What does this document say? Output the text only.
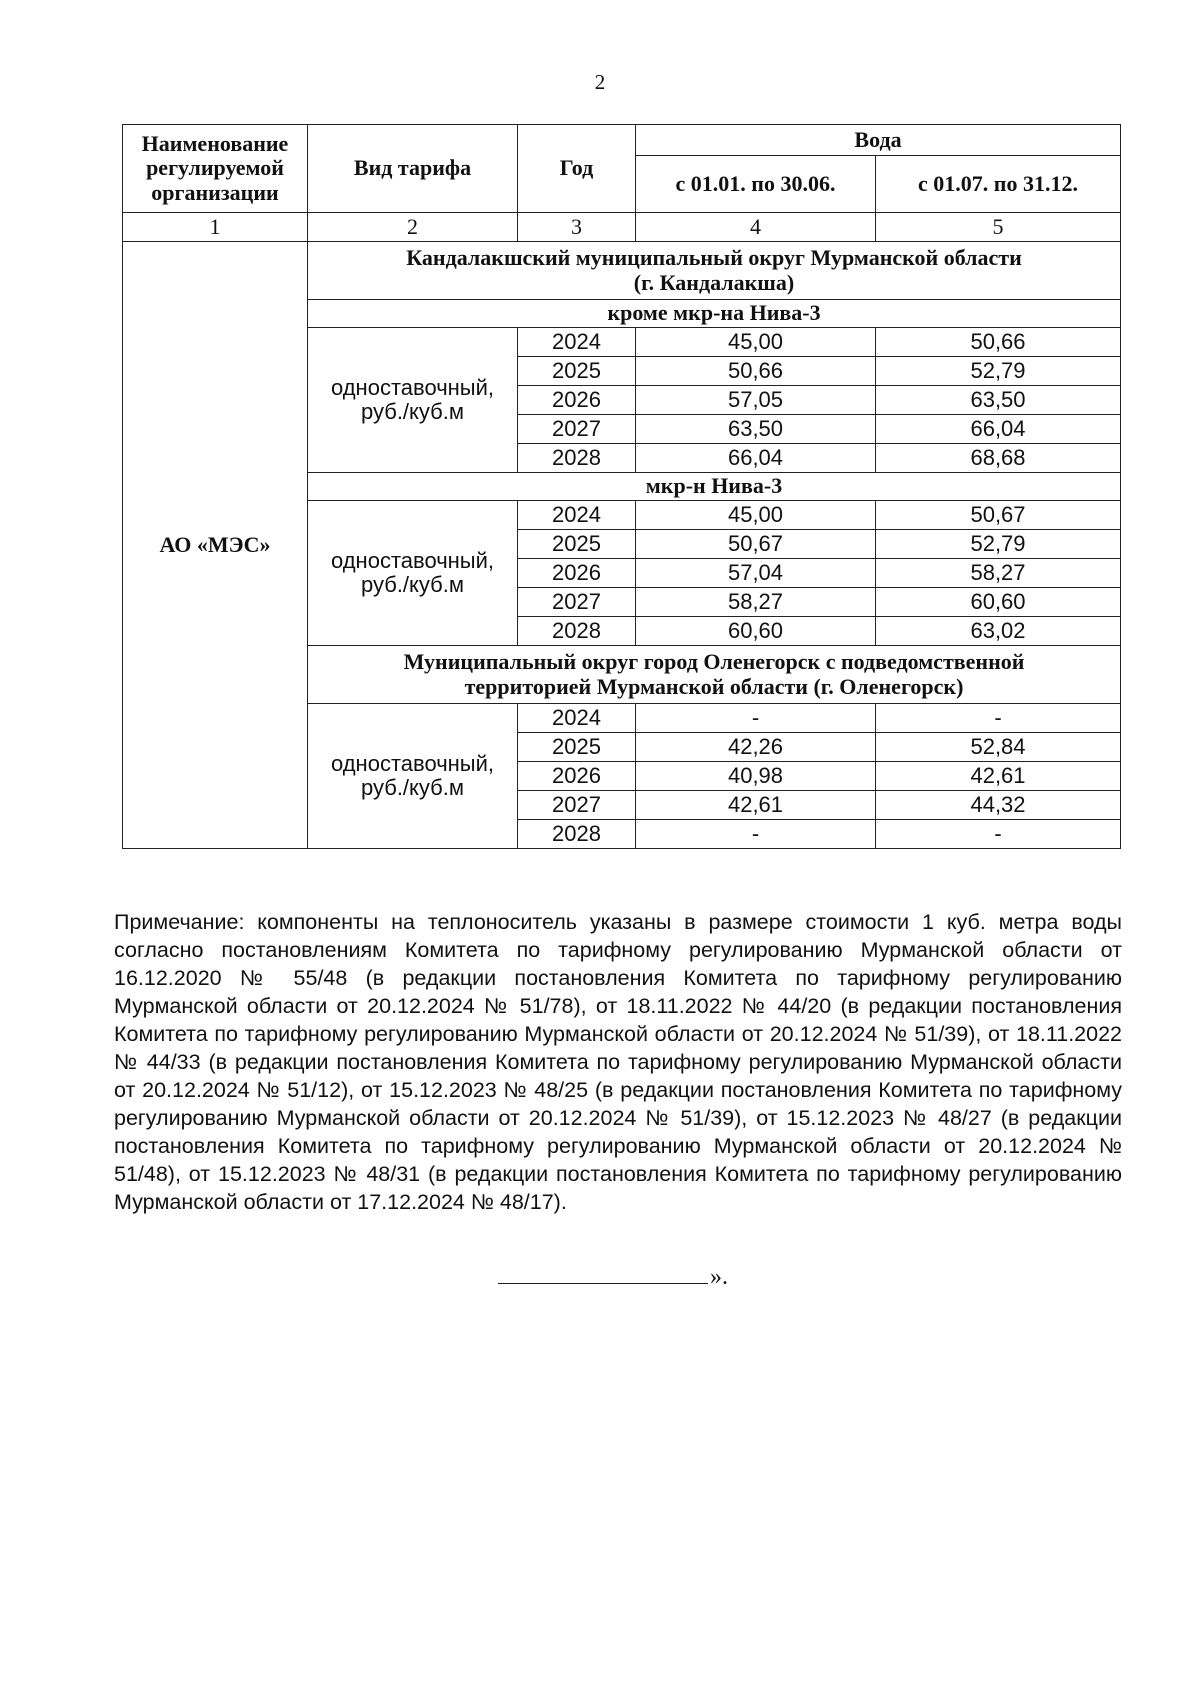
2
Наименование регулируемой организации	Вид тарифа	Год	Вода	
			с 01.01. по 30.06.	с 01.07. по 31.12.
1	2	3	4	5
АО «МЭС»	Кандалакшский муниципальный округ Мурманской области
(г. Кандалакша)			

	кроме мкр-на Нива-3			

	одноставочный,
руб./куб.м	2024	45,00	50,66
		2025	50,66	52,79
		2026	57,05	63,50
		2027	63,50	66,04
		2028	66,04	68,68
	мкр-н Нива-3			

	одноставочный,
руб./куб.м	2024	45,00	50,67
		2025	50,67	52,79
		2026	57,04	58,27
		2027	58,27	60,60
		2028	60,60	63,02

	Муниципальный округ город Оленегорск с подведомственной
территорией Мурманской области (г. Оленегорск)			

	одноставочный,
руб./куб.м	2024	-	-
		2025	42,26	52,84
		2026	40,98	42,61
		2027	42,61	44,32
		2028	-	-
Примечание: компоненты на теплоноситель указаны в размере стоимости 1 куб. метра воды согласно постановлениям Комитета по тарифному регулированию Мурманской области от 16.12.2020 № 55/48 (в редакции постановления Комитета по тарифному регулированию Мурманской области от 20.12.2024 № 51/78), от 18.11.2022 № 44/20 (в редакции постановления Комитета по тарифному регулированию Мурманской области от 20.12.2024 № 51/39), от 18.11.2022 № 44/33 (в редакции постановления Комитета по тарифному регулированию Мурманской области от 20.12.2024 № 51/12), от 15.12.2023 № 48/25 (в редакции постановления Комитета по тарифному регулированию Мурманской области от 20.12.2024 № 51/39), от 15.12.2023 № 48/27 (в редакции постановления Комитета по тарифному регулированию Мурманской области от 20.12.2024 № 51/48), от 15.12.2023 № 48/31 (в редакции постановления Комитета по тарифному регулированию Мурманской области от 17.12.2024 № 48/17).
».
